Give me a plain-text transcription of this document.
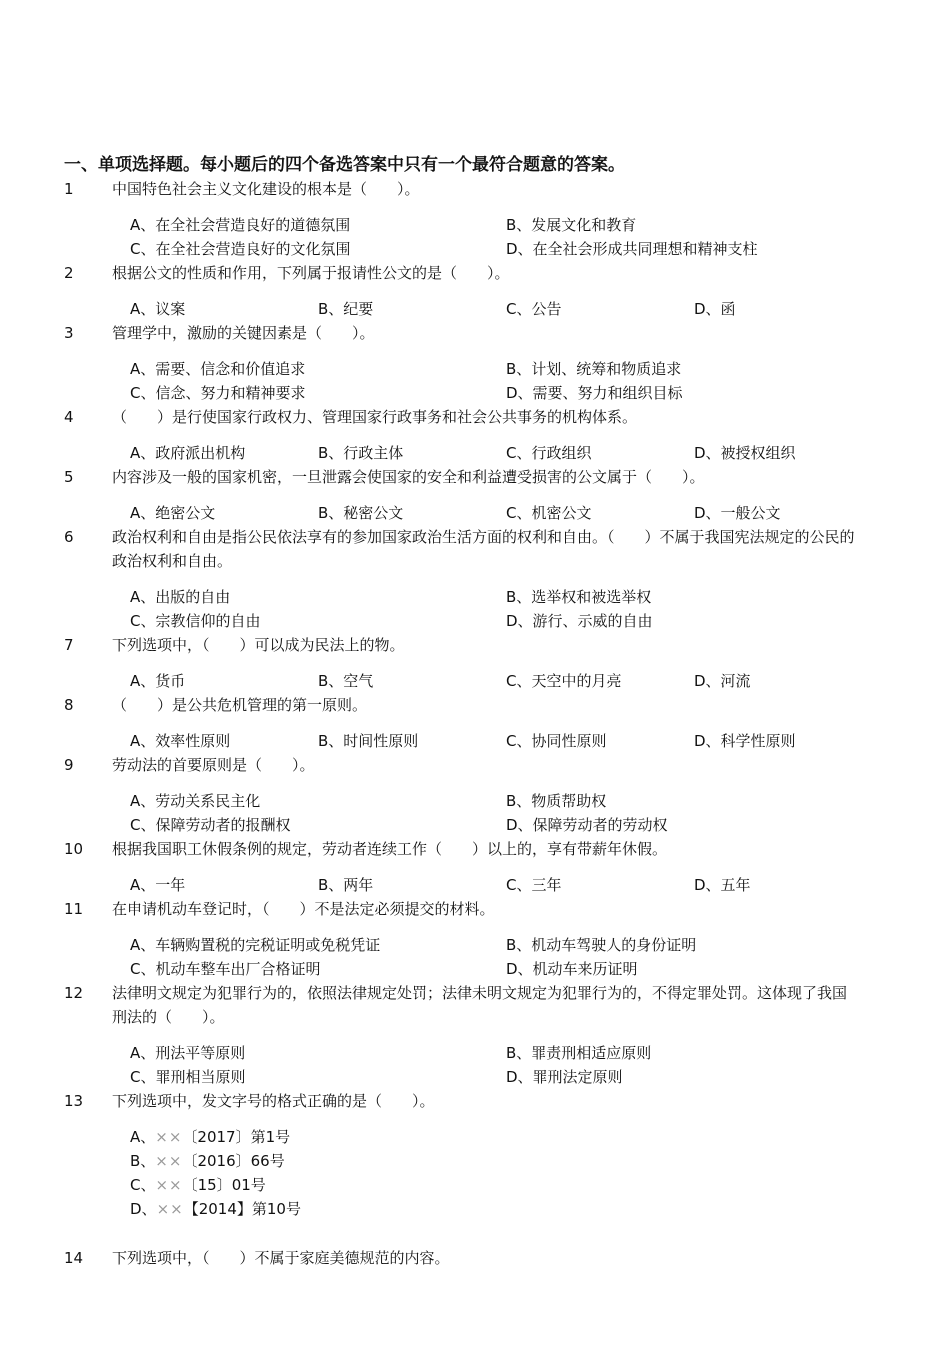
一、单项选择题。每小题后的四个备选答案中只有一个最符合题意的答案。
1	中国特色社会主义文化建设的根本是（　　）。
A、在全社会营造良好的道德氛围	B、发展文化和教育
C、在全社会营造良好的文化氛围	D、在全社会形成共同理想和精神支柱
2	根据公文的性质和作用，下列属于报请性公文的是（　　）。
A、议案	B、纪要	C、公告	D、函
3	管理学中，激励的关键因素是（　　）。
A、需要、信念和价值追求	B、计划、统筹和物质追求
C、信念、努力和精神要求	D、需要、努力和组织目标
4	（　　）是行使国家行政权力、管理国家行政事务和社会公共事务的机构体系。
A、政府派出机构	B、行政主体	C、行政组织	D、被授权组织
5	内容涉及一般的国家机密，一旦泄露会使国家的安全和利益遭受损害的公文属于（　　）。
A、绝密公文	B、秘密公文	C、机密公文	D、一般公文
6	政治权利和自由是指公民依法享有的参加国家政治生活方面的权利和自由。（　　）不属于我国宪法规定的公民的政治权利和自由。
A、出版的自由	B、选举权和被选举权
C、宗教信仰的自由	D、游行、示威的自由
7	下列选项中，（　　）可以成为民法上的物。
A、货币	B、空气	C、天空中的月亮	D、河流
8	（　　）是公共危机管理的第一原则。
A、效率性原则	B、时间性原则	C、协同性原则	D、科学性原则
9	劳动法的首要原则是（　　）。
A、劳动关系民主化	B、物质帮助权
C、保障劳动者的报酬权	D、保障劳动者的劳动权
10 根据我国职工休假条例的规定，劳动者连续工作（　　）以上的，享有带薪年休假。
A、一年	B、两年	C、三年	D、五年
11 在申请机动车登记时，（　　）不是法定必须提交的材料。
A、车辆购置税的完税证明或免税凭证	B、机动车驾驶人的身份证明
C、机动车整车出厂合格证明	D、机动车来历证明
12 法律明文规定为犯罪行为的，依照法律规定处罚；法律未明文规定为犯罪行为的，不得定罪处罚。这体现了我国刑法的（　　）。
A、刑法平等原则	B、罪责刑相适应原则
C、罪刑相当原则	D、罪刑法定原则
13 下列选项中，发文字号的格式正确的是（　　）。
A、××〔2017〕第1号
B、××〔2016〕66号
C、××〔15〕01号
D、××【2014】第10号
14 下列选项中，（　　）不属于家庭美德规范的内容。
